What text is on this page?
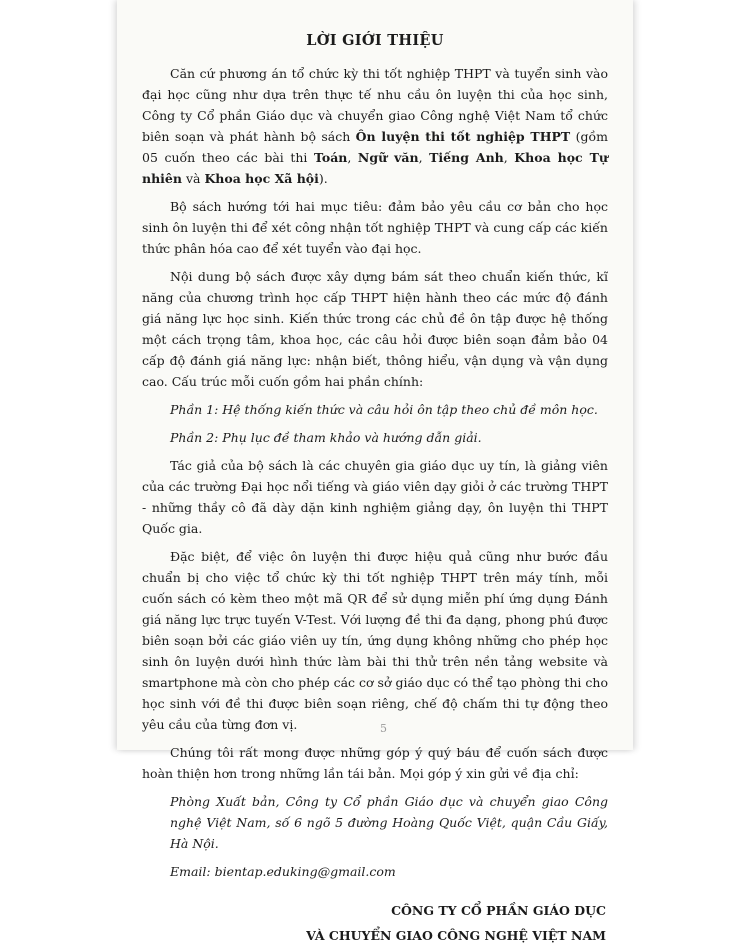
LỜI GIỚI THIỆU

Căn cứ phương án tổ chức kỳ thi tốt nghiệp THPT và tuyển sinh vào đại học cũng như dựa trên thực tế nhu cầu ôn luyện thi của học sinh, Công ty Cổ phần Giáo dục và chuyển giao Công nghệ Việt Nam tổ chức biên soạn và phát hành bộ sách Ôn luyện thi tốt nghiệp THPT (gồm 05 cuốn theo các bài thi Toán, Ngữ văn, Tiếng Anh, Khoa học Tự nhiên và Khoa học Xã hội).

Bộ sách hướng tới hai mục tiêu: đảm bảo yêu cầu cơ bản cho học sinh ôn luyện thi để xét công nhận tốt nghiệp THPT và cung cấp các kiến thức phân hóa cao để xét tuyển vào đại học.

Nội dung bộ sách được xây dựng bám sát theo chuẩn kiến thức, kĩ năng của chương trình học cấp THPT hiện hành theo các mức độ đánh giá năng lực học sinh. Kiến thức trong các chủ đề ôn tập được hệ thống một cách trọng tâm, khoa học, các câu hỏi được biên soạn đảm bảo 04 cấp độ đánh giá năng lực: nhận biết, thông hiểu, vận dụng và vận dụng cao. Cấu trúc mỗi cuốn gồm hai phần chính:

Phần 1: Hệ thống kiến thức và câu hỏi ôn tập theo chủ đề môn học.

Phần 2: Phụ lục đề tham khảo và hướng dẫn giải.

Tác giả của bộ sách là các chuyên gia giáo dục uy tín, là giảng viên của các trường Đại học nổi tiếng và giáo viên dạy giỏi ở các trường THPT - những thầy cô đã dày dặn kinh nghiệm giảng dạy, ôn luyện thi THPT Quốc gia.

Đặc biệt, để việc ôn luyện thi được hiệu quả cũng như bước đầu chuẩn bị cho việc tổ chức kỳ thi tốt nghiệp THPT trên máy tính, mỗi cuốn sách có kèm theo một mã QR để sử dụng miễn phí ứng dụng Đánh giá năng lực trực tuyến V-Test. Với lượng đề thi đa dạng, phong phú được biên soạn bởi các giáo viên uy tín, ứng dụng không những cho phép học sinh ôn luyện dưới hình thức làm bài thi thử trên nền tảng website và smartphone mà còn cho phép các cơ sở giáo dục có thể tạo phòng thi cho học sinh với đề thi được biên soạn riêng, chế độ chấm thi tự động theo yêu cầu của từng đơn vị.

Chúng tôi rất mong được những góp ý quý báu để cuốn sách được hoàn thiện hơn trong những lần tái bản. Mọi góp ý xin gửi về địa chỉ:

Phòng Xuất bản, Công ty Cổ phần Giáo dục và chuyển giao Công nghệ Việt Nam, số 6 ngõ 5 đường Hoàng Quốc Việt, quận Cầu Giấy, Hà Nội.

Email: bientap.eduking@gmail.com

CÔNG TY CỔ PHẦN GIÁO DỤC

VÀ CHUYỂN GIAO CÔNG NGHỆ VIỆT NAM

5
